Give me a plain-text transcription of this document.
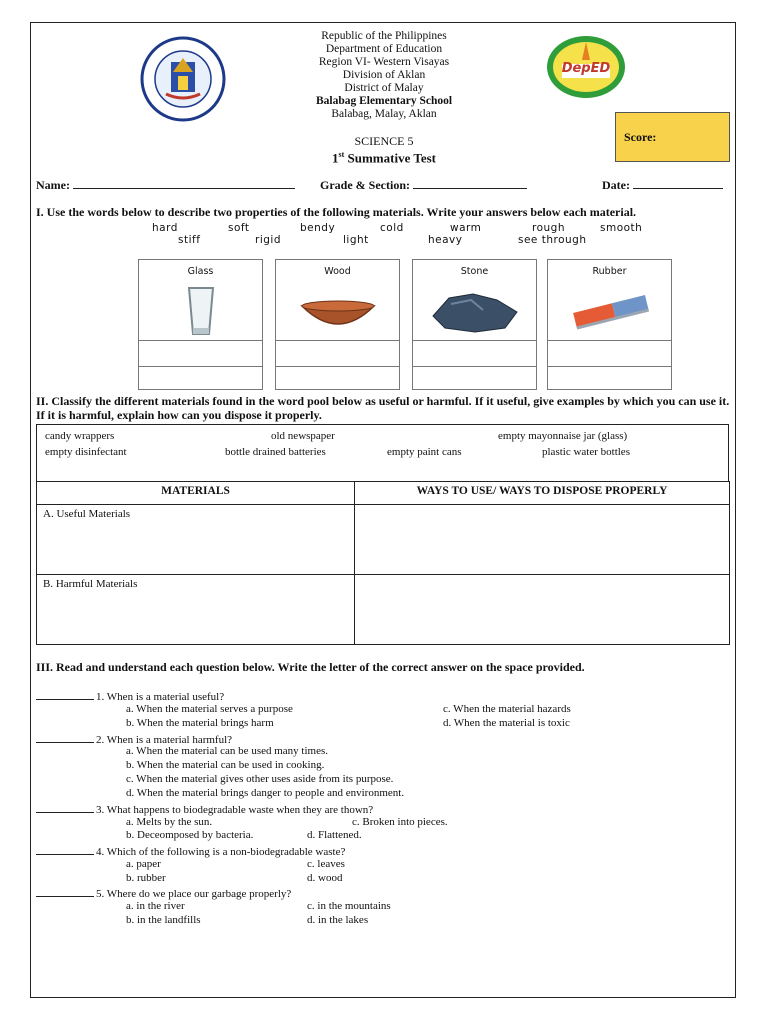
DepED
Republic of the Philippines
Department of Education
Region VI- Western Visayas
Division of Aklan
District of Malay
Balabag Elementary School
Balabag, Malay, Aklan
SCIENCE 5
1st Summative Test
Score:
Name:	Grade & Section:	Date:
I. Use the words below to describe two properties of the following materials. Write your answers below each material.
hard	soft	bendy	cold	warm	rough	smooth
stiff	rigid	light	heavy	see through
Glass	Wood	Stone	Rubber
II. Classify the different materials found in the word pool below as useful or harmful. If it useful, give examples by which you can use it. If it is harmful, explain how can you dispose it properly.
candy wrappers	old newspaper	empty mayonnaise jar (glass)
empty disinfectant	bottle drained batteries	empty paint cans	plastic water bottles
MATERIALS	WAYS TO USE/ WAYS TO DISPOSE PROPERLY
A. Useful Materials	
B. Harmful Materials	
III. Read and understand each question below. Write the letter of the correct answer on the space provided.
1. When is a material useful?
a. When the material serves a purpose	c. When the material hazards
b. When the material brings harm	d. When the material is toxic
2. When is a material harmful?
a. When the material can be used many times.
b. When the material can be used in cooking.
c. When the material gives other uses aside from its purpose.
d. When the material brings danger to people and environment.
3. What happens to biodegradable waste when they are thown?
a. Melts by the sun.	c. Broken into pieces.
b. Deceomposed by bacteria.	d. Flattened.
4. Which of the following is a non-biodegradable waste?
a. paper	c. leaves
b. rubber	d. wood
5. Where do we place our garbage properly?
a. in the river	c. in the mountains
b. in the landfills	d. in the lakes
